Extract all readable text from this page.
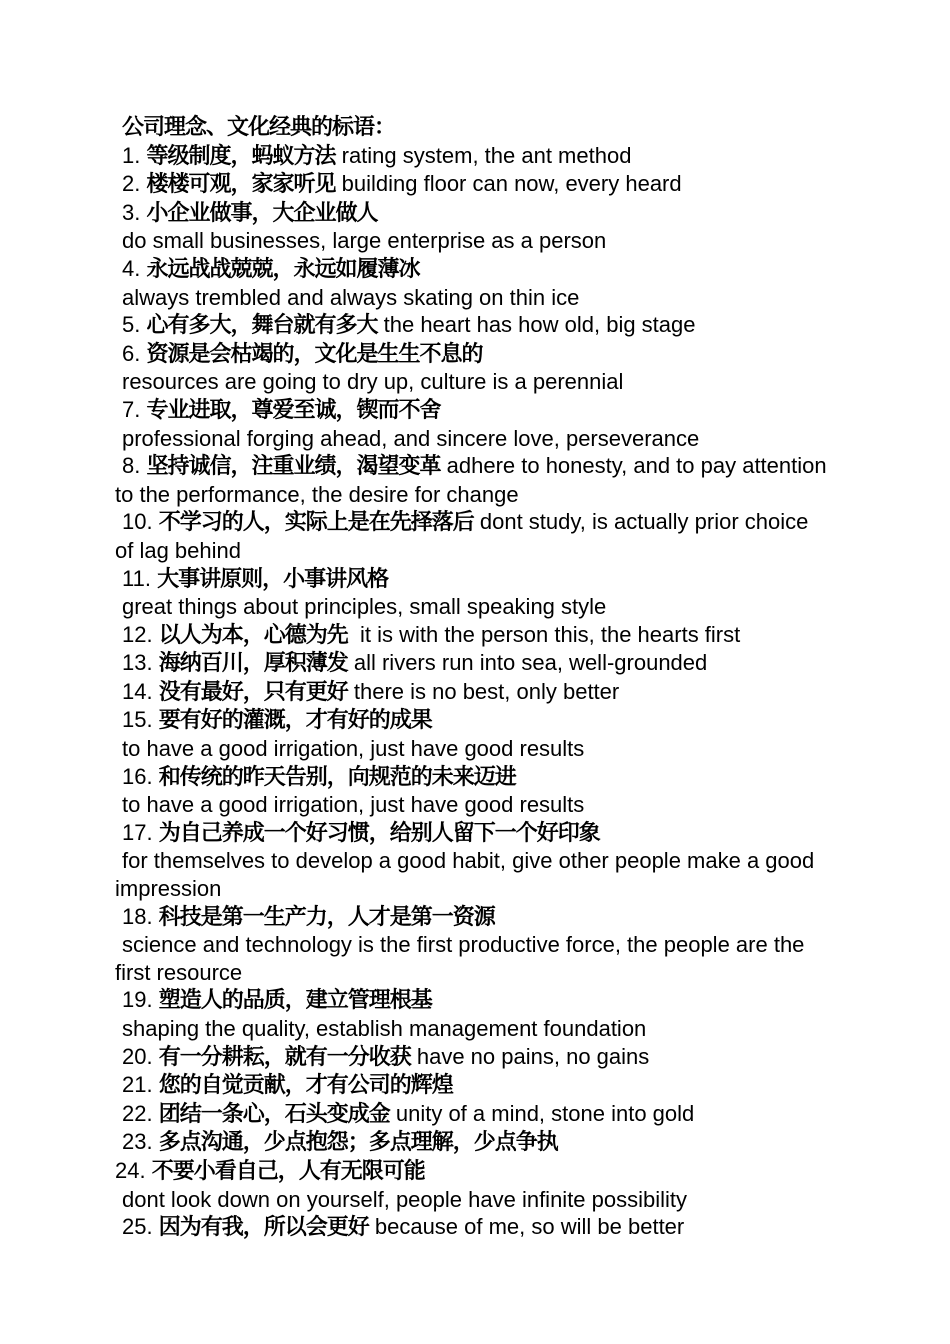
公司理念、文化经典的标语：
1. 等级制度，蚂蚁方法 rating system, the ant method
2. 楼楼可观，家家听见 building floor can now, every heard
3. 小企业做事，大企业做人
do small businesses, large enterprise as a person
4. 永远战战兢兢，永远如履薄冰
always trembled and always skating on thin ice
5. 心有多大，舞台就有多大 the heart has how old, big stage
6. 资源是会枯竭的，文化是生生不息的
resources are going to dry up, culture is a perennial
7. 专业进取，尊爱至诚，锲而不舍
professional forging ahead, and sincere love, perseverance
8. 坚持诚信，注重业绩，渴望变革 adhere to honesty, and to pay attention to the performance, the desire for change
10. 不学习的人，实际上是在先择落后 dont study, is actually prior choice of lag behind
11. 大事讲原则，小事讲风格
great things about principles, small speaking style
12. 以人为本，心德为先 it is with the person this, the hearts first
13. 海纳百川，厚积薄发 all rivers run into sea, well-grounded
14. 没有最好，只有更好 there is no best, only better
15. 要有好的灌溉，才有好的成果
to have a good irrigation, just have good results
16. 和传统的昨天告别，向规范的未来迈进
to have a good irrigation, just have good results
17. 为自己养成一个好习惯，给别人留下一个好印象
for themselves to develop a good habit, give other people make a good impression
18. 科技是第一生产力，人才是第一资源
science and technology is the first productive force, the people are the first resource
19. 塑造人的品质，建立管理根基
shaping the quality, establish management foundation
20. 有一分耕耘，就有一分收获 have no pains, no gains
21. 您的自觉贡献，才有公司的辉煌
22. 团结一条心，石头变成金 unity of a mind, stone into gold
23. 多点沟通，少点抱怨；多点理解，少点争执
24. 不要小看自己，人有无限可能
dont look down on yourself, people have infinite possibility
25. 因为有我，所以会更好 because of me, so will be better
